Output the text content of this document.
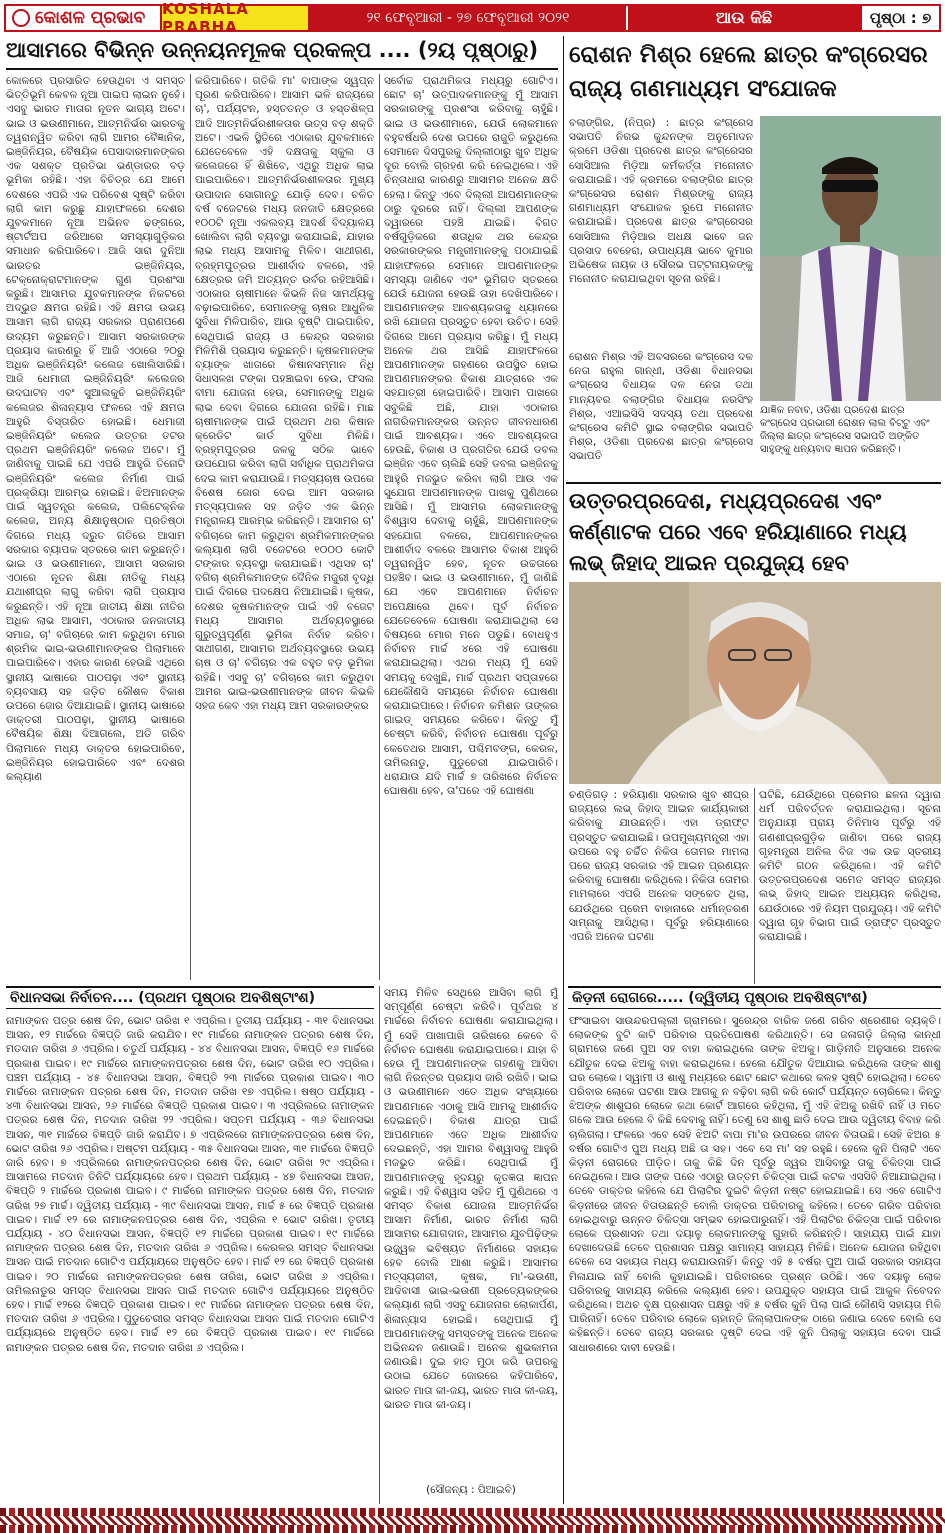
କୋଶଳ ପ୍ରଭାବ KOSHALA PRABHA	୨୧ ଫେବୃଆରୀ - ୨୭ ଫେବୃଆରୀ ୨୦୨୧	ଆଉ କିଛି	ପୃଷ୍ଠା : ୭
ଆସାମରେ ବିଭିନ୍ନ ଉନ୍ନୟନମୂଳକ ପ୍ରକଳ୍ପ .... (୨ୟ ପୃଷ୍ଠାରୁ)
କୋଳରେ ପ୍ରସାରିତ ହେଉଥିବା ଏ ସମସ୍ତ ଭିତ୍ତିଭୂମି କେବଳ ନୂଆ ପାଇପ ଲାଇନ ନୁହେଁ। ଏସବୁ ଭାରତ ମାତାର ନୂତନ ଭାଗ୍ୟ ଅଟେ। ଭାଇ ଓ ଭଉଣୀମାନେ, ଆତ୍ମନିର୍ଭର ଭାରତକୁ ତ୍ୱରାନ୍ୱିତ କରିବା ଲାଗି ଆମର ବୈଜ୍ଞାନିକ, ଇଞ୍ଜିନିୟର, ବୈଷୟିକ ପେସାଦାରମାନଙ୍କର ଏକ ସଶକ୍ତ ପ୍ରତିଭା ଭଣ୍ଡାରର ବଡ଼ ଭୂମିକା ରହିଛି। ଏହା ବିଚିତ୍ର ଯେ ଆମେ ଦେଶରେ ଏପରି ଏକ ପରିବେଶ ସୃଷ୍ଟି କରିବା ଲାଗି କାମ କରୁଛୁ ଯାହାଫଳରେ ଦେଶର ଯୁବକମାନେ ନୂଆ ଅଭିନବ ଢଙ୍ଗରେ, ଷ୍ଟାର୍ଟଅପ ଜରିଆରେ ସମସ୍ୟାଗୁଡ଼ିକର ସମାଧାନ କରିପାରିବେ। ଆଜି ସାରା ଦୁନିଆ ଭାରତର ଇଞ୍ଜିନିୟର, ଟେକ୍ନୋକ୍ରାଟମାନଙ୍କ ଗୁଣ ପ୍ରଶଂସା କରୁଛି। ଆସାମର ଯୁବକମାନଙ୍କ ନିକଟରେ ଅଦ୍ଭୁତ କ୍ଷମତା ରହିଛି। ଏହି କ୍ଷମତା ଉଭୟ ଆସାମ ଲାଗି ରାଜ୍ୟ ସରକାର ପ୍ରାଣପଣେ ଉଦ୍ୟମ କରୁଛନ୍ତି। ଆସାମ ସରକାରଙ୍କ ପ୍ରୟାସ କାରଣରୁ ହିଁ ଆଜି ଏଠାରେ ୨୦ରୁ ଅଧିକ ଇଞ୍ଜିନିୟରିଂ କଲେଜ ଖୋଲିସାରିଛି। ଆଜି ଧେମାଜୀ ଇଞ୍ଜିନିୟରିଂ କଲେଜର ଉଦଘାଟନ ଏବଂ ସୁଆଲକୁଚି ଇଞ୍ଜିନିୟରିଂ କଲେଜର ଶିଳାନ୍ୟାସ ଫଳରେ ଏହି କ୍ଷମତା ଆହୁରି ବିସ୍ତାରିତ ହୋଇଛି। ଧେମାଜୀ ଇଞ୍ଜିନିୟରିଂ କଲେଜ ଉତ୍ତର ତଟର ପ୍ରଥମ ଇଞ୍ଜିନିୟରିଂ କଲେଜ ଅଟେ। ମୁଁ ଜାଣିବାକୁ ପାଇଛି ଯେ ଏପରି ଆହୁରି ତିନୋଟି ଇଞ୍ଜିନିୟରିଂ କଲେଜ ନିର୍ମାଣ ପାଇଁ ପ୍ରକ୍ରିୟା ଆରମ୍ଭ ହୋଇଛି। ଝିଅମାନଙ୍କ ପାଇଁ ସ୍ୱତନ୍ତ୍ର କଲେଜ, ପଲିଟେକ୍ନିକ କଲେଜ, ଅନ୍ୟ ଶିକ୍ଷାନୁଷ୍ଠାନ ପ୍ରତିଷ୍ଠା ଦିଗରେ ମଧ୍ୟ ଦ୍ରୁତ ଗତିରେ ଆସାମ ସରକାର ବ୍ୟାପକ ସ୍ତରରେ କାମ କରୁଛନ୍ତି। ଭାଇ ଓ ଭଉଣୀମାନେ, ଆସାମ ସରକାର ଏଠାରେ ନୂତନ ଶିକ୍ଷା ନୀତିକୁ ମଧ୍ୟ ଯଥାଶୀଘ୍ର ଲାଗୁ କରିବା ଲାଗି ପ୍ରୟାସ କରୁଛନ୍ତି। ଏହି ନୂଆ ଜାତୀୟ ଶିକ୍ଷା ନୀତିର ଅଧିକ ଲାଭ ଆସାମ, ଏଠାକାର ଜନଜାତୀୟ ସମାଜ, ଚା' ବଗିଚାରେ କାମ କରୁଥିବା ମୋର ଶ୍ରମିକ ଭାଇ-ଭଉଣୀମାନଙ୍କର ପିଲାମାନେ ପାଇପାରିବେ। ଏହାର କାରଣ ହେଉଛି ଏଥିରେ ସ୍ଥାନୀୟ ଭାଷାରେ ପାଠପଢ଼ା ଏବଂ ସ୍ଥାନୀୟ ବ୍ୟବସାୟ ସହ ଜଡ଼ିତ କୌଶଳ ବିକାଶ ଉପରେ ଜୋର ଦିଆଯାଇଛି। ସ୍ଥାନୀୟ ଭାଷାରେ ଡାକ୍ତରୀ ପାଠପଢ଼ା, ସ୍ଥାନୀୟ ଭାଷାରେ ବୈଷୟିକ ଶିକ୍ଷା ଦିଆଗଲେ, ଅତି ଗରିବ ପିଲାମାନେ ମଧ୍ୟ ଡାକ୍ତର ହୋଇପାରିବେ, ଇଞ୍ଜିନିୟର ହୋଇପାରିବେ ଏବଂ ଦେଶର କଲ୍ୟାଣ
କରିପାରିବେ। ଗତିକି ମା' ବାପାଙ୍କ ସ୍ୱପ୍ନ ପୂରଣ କରିପାରିବେ। ଆସାମ ଭଳି ରାଜ୍ୟରେ ଚା', ପର୍ଯ୍ୟଟନ, ହସ୍ତତନ୍ତ ଓ ହସ୍ତଶିଳ୍ପ ଆଦି ଆତ୍ମନିର୍ଭରଶୀଳତାର ଉତ୍ସ ବଡ଼ ଶକ୍ତି ଅଟେ। ଏଭଳି ସ୍ଥିତିରେ ଏଠାକାର ଯୁବକମାନେ ଯେତେବେଳେ ଏହି ଦକ୍ଷତାକୁ ସ୍କୁଲ ଓ କଲେଜରେ ହିଁ ଶିଖିବେ, ଏଥିରୁ ଅଧିକ ଲାଭ ପାଇପାରିବେ। ଆତ୍ମନିର୍ଭରଶୀଳତାର ମୁଖ୍ୟ ଉପାଦାନ ସୋଗାନ୍ତୁ ଯୋଡ଼ି ଦେବ। ଚଳିତ ବର୍ଷ ବଜେଟରେ ମଧ୍ୟ ଜନଜାତି କ୍ଷେତ୍ରରେ ୧୦୦ଟି ନୂଆ ଏକଲବ୍ୟ ଆଦର୍ଶ ବିଦ୍ୟାଳୟ ଖୋଲିବା ଲାଗି ବ୍ୟବସ୍ଥା କରାଯାଇଛି, ଯାହାର ଲାଭ ମଧ୍ୟ ଆସାମକୁ ମିଳିବ। ସାଥୀଗଣ, ବ୍ରହ୍ମପୁତ୍ରର ଆଶୀର୍ବାଦ ବଳରେ, ଏହି କ୍ଷେତ୍ରର ଜମି ଅତ୍ୟନ୍ତ ଉର୍ବର ରହିଆସିଛି। ଏଠାକାର ଚାଷୀମାନେ କିଭଳି ନିଜ ସାମର୍ଥ୍ୟକୁ ବଢ଼ାଇପାରିବେ, ସେମାନଙ୍କୁ ଚାଷର ଆଧୁନିକ ସୁବିଧା ମିଳିପାରିବ, ଆଉ ବୃଷ୍ଟି ପାଇପାରିବ, ସେଥିପାଇଁ ରାଜ୍ୟ ଓ କେନ୍ଦ୍ର ସରକାର ମିଳିମିଶି ପ୍ରୟାସ କରୁଛନ୍ତି। କୃଷକମାନଙ୍କ ବ୍ୟାଙ୍କ ଖାତାରେ କିଷାନସମ୍ମାନ ନିଧି ସିଧାସଳଖ ଟଙ୍କା ପହଞ୍ଚାଇବା ହେଉ, ଫସଲ ବୀମା ଯୋଜନା ହେଉ, ସେମାନଙ୍କୁ ଅଧିକ ଲାଭ ଦେବା ଦିଗରେ ଯୋଜନା ରହିଛି। ମାଛ ଚାଷୀମାନଙ୍କ ପାଇଁ ପ୍ରଥମ ଥର କିଷାନ କ୍ରେଡିଟ କାର୍ଡ ସୁବିଧା ମିଳିଛି। ବ୍ରହ୍ମପୁତ୍ରର ଜଳକୁ ସଠିକ ଭାବେ ଉପଯୋଗ କରିବା ଲାଗି ସର୍ବାଧିକ ପ୍ରାଥମିକତା ଦେଇ କାମ କରାଯାଉଛି। ମତ୍ସ୍ୟଚାଷ ଉପରେ ବିଶେଷ ଜୋର ଦେଇ ଆମ ସରକାର ମତ୍ସ୍ୟପାଳନ ସହ ଜଡ଼ିତ ଏକ ଭିନ୍ନ ମନ୍ତ୍ରାଳୟ ଆରମ୍ଭ କରିଛନ୍ତି। ଆସାମର ଚା' ବଗିଚାରେ କାମ କରୁଥିବା ଶ୍ରମିକମାନଙ୍କର କଲ୍ୟାଣ ଲାଗି ବଜେଟରେ ୧୦୦୦ କୋଟି ଟଙ୍କାର ବ୍ୟବସ୍ଥା କରାଯାଇଛି। ଏଥିସହ ଚା' ବଗିଚା ଶ୍ରମିକମାନଙ୍କ ଦୈନିକ ମଜୁରୀ ବୃଦ୍ଧି ପାଇଁ ଦିଗରେ ପଦକ୍ଷେପ ନିଆଯାଇଛି। କୃଷକ, ଦେଶର କୃଷକମାନଙ୍କ ପାଇଁ ଏହି ବଜେଟ ମଧ୍ୟ ଆସାମର ଅର୍ଥବ୍ୟବସ୍ଥାରେ ଗୁରୁତ୍ୱପୂର୍ଣ୍ଣ ଭୂମିକା ନିର୍ବାହ କରିବ। ସାଥୀଗଣ, ଆସାମର ଅର୍ଥବ୍ୟବସ୍ଥାରେ ଉଭୟ ଚାଷ ଓ ଚା' ବଗିଚାର ଏକ ବହୁତ ବଡ଼ ଭୂମିକା ରହିଛି। ଏସବୁ ଚା' ବଗିଚାରେ କାମ କରୁଥିବା ଆମର ଭାଇ-ଭଉଣୀମାନଙ୍କ ଜୀବନ କିଭଳି ସହଜ କେବ ଏହା ମଧ୍ୟ ଆମ ସରକାରଙ୍କର
ସର୍ବୋଚ୍ଚ ପ୍ରାଥମିକତା ମଧ୍ୟରୁ ଗୋଟିଏ। ଛୋଟ ଚା' ଉତ୍ପାଦକମାନଙ୍କୁ ମୁଁ ଆସାମ ସରକାରଙ୍କୁ ପ୍ରଶଂସା କରିବାକୁ ଚାହୁଁଛି। ଭାଇ ଓ ଭଉଣୀମାନେ, ଯେଉଁ ଲୋକମାନେ ବହୁବର୍ଷଧରି ଦେଶ ଉପରେ ରାଜୁତି କରୁଥିଲେ ସେମାନେ ଦିସପୁରକୁ ଦିଲ୍ଲୀଠାରୁ ଖୁବ ଅଧିକ ଦୂର ବୋଲି ଗ୍ରହଣ କରି ନେଇଥିଲେ। ଏହି ଚିନ୍ତାଧାରା କାରଣରୁ ଆସାମର ଅନେକ କ୍ଷତି ହେଲା। କିନ୍ତୁ ଏବେ ଦିଲ୍ଲୀ ଆପଣମାନଙ୍କ ଠାରୁ ଦୂରରେ ନାହିଁ। ଦିଲ୍ଲୀ ଆପଣଙ୍କ ଦ୍ୱାରରେ ପହଞ୍ଚି ଯାଇଛି। ବିଗତ ବର୍ଷଗୁଡ଼ିକରେ ଶତାଧିକ ଥର କେନ୍ଦ୍ର ସରକାରଙ୍କର ମନ୍ତ୍ରୀମାନଙ୍କୁ ପଠାଯାଇଛି ଯାହାଫଳରେ ସେମାନେ ଆପଣମାନଙ୍କ ସମସ୍ୟା ଜାଣିବେ ଏବଂ ଭୂମିଗତ ସ୍ତରରେ ଯେଉଁ ଯୋଜନା ହେଉଛି ତାହା ଦେଖିପାରିବେ। ଆପଣମାନଙ୍କ ଆବଶ୍ୟକତାକୁ ଧ୍ୟାନରେ ରଖି ଯୋଜନା ପ୍ରସ୍ତୁତ ହେବା ଉଚିତ। ସେହି ଦିଗରେ ଆମେ ପ୍ରୟାସ କରିଛୁ। ମୁଁ ମଧ୍ୟ ଅନେକ ଥର ଆସିଛି ଯାହାଫଳରେ ଆପଣମାନଙ୍କ ଗହଣରେ ଉପସ୍ଥିତ ହୋଇ ଆପଣମାନଙ୍କର ବିକାଶ ଯାତ୍ରାରେ ଏକ ସହଯାତ୍ରୀ ହୋଇପାରିବି। ଆସାମ ପାଖରେ ସବୁକିଛି ଅଛି, ଯାହା ଏଠାକାର ନାଗରିକମାନଙ୍କର ଉନ୍ନତ ଜୀବନଧାରଣ ପାଇଁ ଆବଶ୍ୟକ। ଏବେ ଆବଶ୍ୟକତା ହେଉଛି, ବିକାଶ ଓ ପ୍ରଗତିର ଯେଉଁ ଡବଲ ଇଞ୍ଜିନ ଏବେ ଚାଲିଛି ସେହି ଡବଲ ଇଞ୍ଜିନକୁ ଆହୁରି ମଜଭୁତ କରିବା ଲାଗି ଆଉ ଏକ ସୁଯୋଗ ଆପଣମାନଙ୍କ ପାଖକୁ ପୁଣିଥରେ ଆସିଛି। ମୁଁ ଆସାମର ଲୋକମାନଙ୍କୁ ବିଶ୍ୱାସ ଦେବାକୁ ଚାହୁଁଛି, ଆପଣମାନଙ୍କ ସହଯୋଗ ବଳରେ, ଆପଣମାନଙ୍କର ଆଶୀର୍ବାଦ ବଳରେ ଆସାମର ବିକାଶ ଆହୁରି ତ୍ୱରାନ୍ୱିତ ହେବ, ନୂତନ ଉଚ୍ଚତାରେ ପହଞ୍ଚିବ। ଭାଇ ଓ ଭଉଣୀମାନେ, ମୁଁ ଜାଣିଛି ଯେ ଏବେ ଆପଣମାନେ ନିର୍ବାଚନ ଅପେକ୍ଷାରେ ଥିବେ। ପୂର୍ବ ନିର୍ବାଚନ ଯେତେବେଳେ ଘୋଷଣା କରାଯାଇଥିଲା ସେ ବିଷୟରେ ମୋର ମନେ ପଡୁଛି। ବୋଧହୁଏ ନିର୍ବାଚନ ମାର୍ଚ୍ଚ ୪ରେ ଏହି ଘୋଷଣା କରାଯାଇଥିଲା। ଏଥର ମଧ୍ୟ ମୁଁ ସେହି ସମୟକୁ ଦେଖୁଛି, ମାର୍ଚ୍ଚ ପ୍ରଥମ ସପ୍ତାହରେ ଯେକୌଣସି ସମୟରେ ନିର୍ବାଚନ ଘୋଷଣା କରାଯାଇପାରେ। ନିର୍ବାଚନ କମିଶନ ତାଙ୍କର ଗାଇଡ୍ ସମୟରେ କରିବେ। କିନ୍ତୁ ମୁଁ ଚେଷ୍ଟା କରିବି, ନିର୍ବାଚନ ଘୋଷଣା ପୂର୍ବରୁ କେତେଥର ଆସାମ, ପଶ୍ଚିମବଙ୍ଗ, କେରଳ, ତାମିଲନାଡୁ, ପୁଡୁଚେରୀ ଯାଇପାରିବି। ଧରାଯାଉ ଯଦି ମାର୍ଚ୍ଚ ୭ ତାରିଖରେ ନିର୍ବାଚନ ଘୋଷଣା ହେବ, ତା'ପରେ ଏହି ଘୋଷଣା
ରୋଶନ ମିଶ୍ର ହେଲେ ଛାତ୍ର କଂଗ୍ରେସର ରାଜ୍ୟ ଗଣମାଧ୍ୟମ ସଂଯୋଜକ
ବଲାଙ୍ଗିର, (ନିପ୍ର) : ଛାତ୍ର କଂଗ୍ରେସ ସଭାପତି ନିରଭ କୁନ୍ଦନଙ୍କ ଅନୁମୋଦନ କ୍ରମେ ଓଡିଶା ପ୍ରଦେଶ ଛାତ୍ର କଂଗ୍ରେସର ସୋସିଆଲ ମିଡ଼ିଆ କର୍ମକର୍ତ୍ତା ମନୋନୀତ କରାଯାଇଛି। ଏହି କ୍ରମରେ ବଲାଙ୍ଗିର ଛାତ୍ର କଂଗ୍ରେସର ରୋଶନ ମିଶ୍ରଙ୍କୁ ରାଜ୍ୟ ଗଣମାଧ୍ୟମ ସଂଯୋଜକ ରୂପେ ମନୋନୀତ କରାଯାଇଛି। ପ୍ରଦେଶ ଛାତ୍ର କଂଗ୍ରେସର ସୋସିଆଲ ମିଡ଼ିଆର ଅଧକ୍ଷ ଭାବେ ଜନ ପ୍ରସାଦ ବେହେରା, ଉପାଧ୍ୟକ୍ଷ ଭାବେ କୁମାର ଅଭିଷେକ ନାୟକ ଓ ସୌରଭ ପଟ୍ଟନାୟକଙ୍କୁ ମନୋନୀତ କରାଯାଇଥିବା ସୂଚନା ରହିଛି।
ରୋଶନ ମିଶ୍ର ଏହି ଅବସରରେ କଂଗ୍ରେସ ଦଳ ନେତା ରାହୁଲ ଗାନ୍ଧୀ, ଓଡିଶା ବିଧାନସଭା କଂଗ୍ରେସ ବିଧାୟକ ଦଳ ନେତା ତଥା ମାନ୍ୟବର ବଲାଙ୍ଗିର ବିଧାୟକ ନରସିଂହ ମିଶ୍ର, ଏଆଇସିସି ସଦସ୍ୟ ତଥା ପ୍ରଦେଶ କଂଗ୍ରେସ କମିଟି ସ୍ଥାଇ ବଲାଙ୍ଗିର ସଭାପତି ମିଶ୍ର, ଓଡିଶା ପ୍ରଦେଶ ଛାତ୍ର କଂଗ୍ରେସ ସଭାପତି
ଯାଜ୍ଞିକ ନବାବ, ଓଡିଶା ପ୍ରଦେଶ ଛାତ୍ର କଂଗ୍ରେସ ପ୍ରଭାରୀ ରୋଶନ ଲାଲ ବିଟ୍ଟୁ ଏବଂ ଜିଲ୍ଲା ଛାତ୍ର କଂଗ୍ରେସ ସଭାପତି ଅଙ୍କିତ ସାହୁଙ୍କୁ ଧନ୍ୟବାଦ ଜ୍ଞାପନ କରିଛନ୍ତି।
ଉତ୍ତରପ୍ରଦେଶ, ମଧ୍ୟପ୍ରଦେଶ ଏବଂ କର୍ଣ୍ଣାଟକ ପରେ ଏବେ ହରିୟାଣାରେ ମଧ୍ୟ ଲଭ୍ ଜିହାଦ୍ ଆଇନ ପ୍ରଯୁଜ୍ୟ ହେବ
ଚଣ୍ଡିଗଡ଼ : ହରିୟାଣା ସରକାର ଖୁବ ଶୀଘ୍ର ରାଜ୍ୟରେ ଲଭ୍ ଜିହାଦ୍ ଆଇନ କାର୍ଯ୍ୟକାରୀ କରିବାକୁ ଯାଉଛନ୍ତି। ଏହା ଡ୍ରାଫ୍ଟ ପ୍ରସ୍ତୁତ କରାଯାଇଛି। ଉପମୁଖ୍ୟମନ୍ତ୍ରୀ ଏହା ଉପରେ ବହୁ ଚର୍ଚ୍ଚିତ ନିକିତା ତୋମର ମାମଲା ପରେ ରାଜ୍ୟ ସରକାର ଏହି ଆଇନ ପ୍ରଣୟନ କରିବାକୁ ଘୋଷଣା କରିଥିଲେ। ନିକିତା ତୋମର ମାମଲାରେ ଏପରି ଅନେକ ସଙ୍କେତ ଥିଲା, ଯେଉଁଥିରେ ପ୍ରେମ ବାହାନାରେ ଧର୍ମାନ୍ତରଣ ସାମ୍ନାକୁ ଆସିଥିଲା। ପୂର୍ବରୁ ହରିୟାଣାରେ ଏପରି ଅନେକ ଘଟଣା
ଘଟିଛି, ଯେଉଁଥିରେ ପ୍ରେମର ଛଳନା ଦ୍ୱାରା ଧର୍ମ ପରିବର୍ତ୍ତନ କରାଯାଇଥିଲା। ସୂଚନା ଅନୁଯାୟୀ ପ୍ରାୟ ତିନିମାସ ପୂର୍ବରୁ ଏହି ଗଣଶୀଘ୍ରଗୁଡ଼ିକ ଜାଣିବା ପରେ ରାଜ୍ୟ ଗୃହମନ୍ତ୍ରୀ ଅନିଲ ବିଜ ଏକ ଉଚ୍ଚ ସ୍ତରୀୟ କମିଟି ଗଠନ କରିଥିଲେ। ଏହି କମିଟି ଉତ୍ତରପ୍ରଦେଶ ସମେତ ସମସ୍ତ ରାଜ୍ୟର ଲଭ୍ ଜିହାଦ୍ ଆଇନ ଅଧ୍ୟୟନ କରିଥିଲା, ଯେଉଁଠାରେ ଏହି ନିୟମ ପ୍ରଯୁଜ୍ୟ। ଏହି କମିଟି ଦ୍ୱାରା ଗୃହ ବିଭାଗ ପାଇଁ ଡ୍ରାଫ୍ଟ ପ୍ରସ୍ତୁତ କରାଯାଇଛି।
ବିଧାନସଭା ନିର୍ବାଚନ.... (ପ୍ରଥମ ପୃଷ୍ଠାର ଅବଶିଷ୍ଟାଂଶ)
ନାମାଙ୍କନ ପତ୍ର ଶେଷ ଦିନ, ଭୋଟ ତାରିଖ ୧ ଏପ୍ରିଲ। ତୃତୀୟ ପର୍ଯ୍ୟାୟ - ୩୧ ବିଧାନସଭା ଆସନ, ୧୨ ମାର୍ଚ୍ଚରେ ବିଜ୍ଞପ୍ତି ଜାରି କରାଯିବ। ୧୯ ମାର୍ଚ୍ଚରେ ନାମାଙ୍କନ ପତ୍ରର ଶେଷ ଦିନ, ମତଦାନ ତାରିଖ ୬ ଏପ୍ରିଲ। ଚତୁର୍ଥ ପର୍ଯ୍ୟାୟ - ୪୪ ବିଧାନସଭା ଆସନ, ବିଜ୍ଞପ୍ତି ୧୬ ମାର୍ଚ୍ଚରେ ପ୍ରକାଶ ପାଇବ। ୧୯ ମାର୍ଚ୍ଚରେ ନାମାଙ୍କନପତ୍ରର ଶେଷ ଦିନ, ଭୋଟ ତାରିଖ ୧୦ ଏପ୍ରିଲ। ପଞ୍ଚମ ପର୍ଯ୍ୟାୟ - ୪୫ ବିଧାନସଭା ଆସନ, ବିଜ୍ଞପ୍ତି ୨୩ ମାର୍ଚ୍ଚରେ ପ୍ରକାଶ ପାଇବ। ୩୦ ମାର୍ଚ୍ଚରେ ନାମାଙ୍କନ ପତ୍ରର ଶେଷ ଦିନ, ମତଦାନ ତାରିଖ ୧୭ ଏପ୍ରିଲ। ଷଷ୍ଠ ପର୍ଯ୍ୟାୟ - ୪୩ ବିଧାନସଭା ଆସନ, ୨୬ ମାର୍ଚ୍ଚରେ ବିଜ୍ଞପ୍ତି ପ୍ରକାଶ ପାଇବ। ୩ ଏପ୍ରିଲରେ ନାମାଙ୍କନ ପତ୍ରର ଶେଷ ଦିନ, ମତଦାନ ତାରିଖ ୨୨ ଏପ୍ରିଲ। ସପ୍ତମ ପର୍ଯ୍ୟାୟ - ୩୬ ବିଧାନସଭା ଆସନ, ୩୧ ମାର୍ଚ୍ଚରେ ବିଜ୍ଞପ୍ତି ଜାରି କରାଯିବ। ୭ ଏପ୍ରିଲରେ ନାମାଙ୍କନପତ୍ରର ଶେଷ ଦିନ, ଭୋଟ ତାରିଖ ୨୬ ଏପ୍ରିଲ। ଅଷ୍ଟମ ପର୍ଯ୍ୟାୟ - ୩୫ ବିଧାନସଭା ଆସନ, ୩୧ ମାର୍ଚ୍ଚରେ ବିଜ୍ଞପ୍ତି ଜାରି ହେବ। ୭ ଏପ୍ରିଲରେ ନାମାଙ୍କନପତ୍ରର ଶେଷ ଦିନ, ଭୋଟ ତାରିଖ ୨୯ ଏପ୍ରିଲ। ଆସାମରେ ମତଦାନ ତିନିଟି ପର୍ଯ୍ୟାୟରେ ହେବ। ପ୍ରଥମ ପର୍ଯ୍ୟାୟ - ୪୭ ବିଧାନସଭା ଆସନ, ବିଜ୍ଞପ୍ତି ୨ ମାର୍ଚ୍ଚରେ ପ୍ରକାଶ ପାଇବ। ୯ ମାର୍ଚ୍ଚରେ ନାମାଙ୍କନ ପତ୍ରର ଶେଷ ଦିନ, ମତଦାନ ତାରିଖ ୨୭ ମାର୍ଚ୍ଚ। ଦ୍ୱିତୀୟ ପର୍ଯ୍ୟାୟ - ୩୯ ବିଧାନସଭା ଆସନ, ମାର୍ଚ୍ଚ ୫ ରେ ବିଜ୍ଞପ୍ତି ପ୍ରକାଶ ପାଇବ। ମାର୍ଚ୍ଚ ୧୨ ରେ ନାମାଙ୍କନପତ୍ରର ଶେଷ ଦିନ, ଏପ୍ରିଲ ୧ ଭୋଟ ତାରିଖ। ତୃତୀୟ ପର୍ଯ୍ୟାୟ - ୪୦ ବିଧାନସଭା ଆସନ, ବିଜ୍ଞପ୍ତି ୧୨ ମାର୍ଚ୍ଚରେ ପ୍ରକାଶ ପାଇବ। ୧୯ ମାର୍ଚ୍ଚରେ ନାମାଙ୍କନ ପତ୍ରର ଶେଷ ଦିନ, ମତଦାନ ତାରିଖ ୬ ଏପ୍ରିଲ। କେରଳର ସମସ୍ତ ବିଧାନସଭା ଆସନ ପାଇଁ ମତଦାନ ଗୋଟିଏ ପର୍ଯ୍ୟାୟରେ ଅନୁଷ୍ଠିତ ହେବ। ମାର୍ଚ୍ଚ ୧୨ ରେ ବିଜ୍ଞପ୍ତି ପ୍ରକାଶ ପାଇବ। ୨୦ ମାର୍ଚ୍ଚରେ ନାମାଙ୍କନପତ୍ରର ଶେଷ ତାରିଖ, ଭୋଟ ତାରିଖ ୬ ଏପ୍ରିଲ। ତାମିଲନାଡୁର ସମସ୍ତ ବିଧାନସଭା ଆସନ ପାଇଁ ମତଦାନ ଗୋଟିଏ ପର୍ଯ୍ୟାୟରେ ଅନୁଷ୍ଠିତ ହେବ। ମାର୍ଚ୍ଚ ୧୨ରେ ବିଜ୍ଞପ୍ତି ପ୍ରକାଶ ପାଇବ। ୧୯ ମାର୍ଚ୍ଚରେ ନାମାଙ୍କନ ପତ୍ରର ଶେଷ ଦିନ, ମତଦାନ ତାରିଖ ୬ ଏପ୍ରିଲ। ପୁଡୁଚେରୀର ସମସ୍ତ ବିଧାନସଭା ଆସନ ପାଇଁ ମତଦାନ ଗୋଟିଏ ପର୍ଯ୍ୟାୟରେ ଅନୁଷ୍ଠିତ ହେବ। ମାର୍ଚ୍ଚ ୧୨ ରେ ବିଜ୍ଞପ୍ତି ପ୍ରକାଶ ପାଇବ। ୧୯ ମାର୍ଚ୍ଚରେ ନାମାଙ୍କନ ପତ୍ରର ଶେଷ ଦିନ, ମତଦାନ ତାରିଖ ୬ ଏପ୍ରିଲ।
ସମୟ ମିଳିବ ସେଥିରେ ଆସିବା ଲାଗି ମୁଁ ସମ୍ପୂର୍ଣ୍ଣ ଚେଷ୍ଟା କରିବି। ପୂର୍ବଥର ୪ ମାର୍ଚ୍ଚରେ ନିର୍ବାଚନ ଘୋଷଣା କରାଯାଇଥିଲା। ମୁଁ ସେହି ପାଖାପାଖି ତାରିଖରେ କେବେ ବି ନିର୍ବାଚନ ଘୋଷଣା କରାଯାଇପାରେ। ଯାହା ବି ହେଉ ମୁଁ ଆପଣମାନଙ୍କ ଗହଣକୁ ଆସିବା ଲାଗି ନିରନ୍ତର ପ୍ରୟାସ ଜାରି ରଖିବି। ଭାଇ ଓ ଭଉଣୀମାନେ ଏତେ ଅଧିକ ସଂଖ୍ୟାରେ ଆପଣମାନେ ଏଠାକୁ ଆସି ଆମକୁ ଆଶୀର୍ବାଦ ଦେଇଛନ୍ତି। ବିକାଶ ଯାତ୍ରା ପାଇଁ ଆପଣମାନେ ଏତେ ଅଧିକ ଆଶୀର୍ବାଦ ଦେଇଛନ୍ତି, ଏହା ଆମର ବିଶ୍ୱାସକୁ ଆହୁରି ମଜଭୁତ କରିଛି। ସେଥିପାଇଁ ମୁଁ ଆପଣମାନଙ୍କୁ ହୃଦୟରୁ କୃତଜ୍ଞତା ଜ୍ଞାପନ କରୁଛି। ଏହି ବିଶ୍ୱାସ ସହିତ ମୁଁ ପୁଣିଥରେ ଏ ସମସ୍ତ ବିକାଶ ଯୋଜନା ଆତ୍ମନିର୍ଭର ଆସାମ ନିର୍ମାଣ, ଭାରତ ନିର୍ମାଣ ଲାଗି ଆସାମର ଯୋଗଦାନ, ଆସାମର ଯୁବପିଢ଼ିଙ୍କ ଉଜ୍ଜ୍ୱଳ ଭବିଷ୍ୟତ ନିର୍ମାଣରେ ସହାୟକ ହେବ ବୋଲି ଆଶା କରୁଛି। ଆସାମର ମତ୍ସ୍ୟଜୀବୀ, କୃଷକ, ମା'-ଭଉଣୀ, ଆଦିବାସୀ ଭାଇ-ଭଉଣୀ ପ୍ରତ୍ୟେକଙ୍କର କଲ୍ୟାଣ ଲାଗି ଏସବୁ ଯୋଜନାର ଲୋକାର୍ପଣ, ଶିଳାନ୍ୟାସ ହୋଇଛି। ସେଥିପାଇଁ ମୁଁ ଆପଣମାନଙ୍କୁ ସମସ୍ତଙ୍କୁ ଅନେକ ଅନେକ ଅଭିନନ୍ଦନ ଜଣାଉଛି। ଅନେକ ଶୁଭକାମନା ଜଣାଉଛି। ଦୁଇ ହାତ ମୁଠା କରି ଉପରକୁ ଉଠାଇ ଯେତେ ଜୋରରେ କହିପାରିବେ, ଭାରତ ମାତା କୀ-ଜୟ, ଭାରତ ମାତା କୀ-ଜୟ, ଭାରତ ମାତା କୀ-ଜୟ।
(ସୌଜନ୍ୟ : ପିଆଇବି)
କିଡ଼ନୀ ରୋଗରେ..... (ଦ୍ୱିତୀୟ ପୃଷ୍ଠାର ଅବଶିଷ୍ଟାଂଶ)
ଫଂସାଇବା ସାଉନ୍ଦରପଲ୍ଲୀ ଗ୍ରାମରେ। ସୁରେନ୍ଦ୍ର ବାରିକ ଜଣେ ଗରିବ ଶ୍ରେଣୀର ବ୍ୟକ୍ତି। ଲୋକଙ୍କ ବୁଟି କାଟି ପରିବାର ପ୍ରତିପୋଷଣ କରିଥାନ୍ତି। ସେ ଜଳାଗଡ଼ି ଜିଲ୍ଲା କାନ୍ଧୀ ଗ୍ରାମରେ ଜଣେ ପୁଅ ସହ ବାହା କରାଇଥିଲେ ତାଙ୍କ ଝିଅକୁ। ଗାଡ଼ିନୀତି ଅନୁସାରେ ଅନେକ ଯୌତୁକ ଦେଇ ଝିଅକୁ ବାହା କରାଇଥିଲେ। ହେଲେ ଯୌତୁକ ଦିଆଯାଇ କରିଥିଲେ ତାଙ୍କ ଶାଶୁ ଘର ଲୋକେ। ସ୍ୱାମୀ ଓ ଶାଶୁ ମଧ୍ୟରେ ଛୋଟ ଛୋଟ କଥାରେ କଳହ ସୃଷ୍ଟି ହୋଇଥିଲା। ତେବେ ପରିବାର ଲୋକେ ଘଟଣା ଆଉ ଆଗକୁ ନ ବଢ଼ିବା ଲାଗି କରି କୋର୍ଟ ପର୍ଯ୍ୟନ୍ତ ଚୋରିଲେ। କିନ୍ତୁ ଝିଅଙ୍କ ଶାଶୁଘର ଲୋକେ କଥା କୋର୍ଟ ଆଗରେ କହିଥିଲା, ମୁଁ ଏହି ଝିଅକୁ ରଖିବି ନାହିଁ ଓ ମତେ ଗଲେ ଆଉ ହେଲେ ବି କିଛି ଦେବାକୁ ନାହିଁ। ତେଣୁ ସେ ଶାଶୁ ଛାଡି ଦେଇ ଆଉ ଦ୍ୱିତୀୟ ବିବାହ କରି ଚାଲିଗଲା। ଫଳରେ ଏବେ ସେହି ଝିଅଟି ବାପା ମା'ର ଉପରରେ ଜୀବନ ବିତାଉଛି। ସେହି ଝିଅର ୫ ବର୍ଷର ଗୋଟିଏ ପୁଅ ମଧ୍ୟ ଅଛି ତା ସହ। ଏବେ ସେ ମା' ସହ ରହୁଛି। ହେଲେ କୁନି ପିଲାଟି ଏବେ କିଡ଼ନୀ ରୋଗରେ ପୀଡ଼ିତ। ତାକୁ କିଛି ଦିନ ପୂର୍ବରୁ ଜ୍ୱର ଆସିବାରୁ ତାକୁ ଚିକିତ୍ସା ପାଇଁ ନେଇଥିଲେ। ଆଉ ତାଙ୍କ ପରେ ଏଠାରୁ ଉତ୍ତମ ଚିକିତ୍ସା ପାଇଁ କଟକ ଏସସିବି ନିଆଯାଇଥିଲା। ତେବେ ଡାକ୍ତର କହିଲେ ଯେ ପିଲାଟିର ଦୁଇଟି କିଡ଼ନୀ ନଷ୍ଟ ହୋଇଯାଇଛି। ସେ ଏବେ ଗୋଟିଏ କିଡ଼ନୀରେ ଜୀବନ ବିତାଉଛନ୍ତି ବୋଲି ଡାକ୍ତର ପରିବାରକୁ କହିଲେ। ତେବେ ଗରିବ ପରିବାର ହୋଇଥିବାରୁ ଉନ୍ନତ ଚିକିତ୍ସା ସମ୍ଭବ ହୋଇପାରୁନାହିଁ। ଏହି ପିଲାଟିର ଚିକିତ୍ସା ପାଇଁ ପରିବାର ଲୋକେ ପ୍ରଶାସନ ତଥା ଦୟାଳୁ ଲୋକମାନଙ୍କୁ ଗୁହାରି କରିଛନ୍ତି। ସାହାଯ୍ୟ ପାଇଁ ଯାହା ଦେଖାଦେଉଛି ତେବେ ପ୍ରଶାସନ ପକ୍ଷରୁ ସାମାନ୍ୟ ସାହାଯ୍ୟ ମିଳିଛି। ଅନେକ ଯୋଜନା ରହିଥିବା ବେଳେ ସେ ସହାୟତା ମଧ୍ୟ କରାଯାଉନାହିଁ। କିନ୍ତୁ ଏହି ୫ ବର୍ଷର ପୁଅ ପାଇଁ ସରକାର ସହାୟତା ମିଳାଯାଇ ନାହିଁ ବୋଲି କୁହାଯାଇଛି। ପରିବାରରେ ପ୍ରଶ୍ନ ଉଠିଛି। ଏବେ ଦୟାଳୁ ଲୋକ ପରିବାରକୁ ସାହାଯ୍ୟ କରିଲେ କଲ୍ୟାଣ ହେବ। ଉପଯୁକ୍ତ ସହାୟତା ପାଇଁ ଆକୁଳ ନିବେଦନ କରିଥିଲେ। ଅଥଚ ବୃକ୍ଷ ପ୍ରଶାସନ ପକ୍ଷରୁ ଏହି ୫ ବର୍ଷର କୁନି ପିଲା ପାଇଁ କୌଣସି ସହାୟତା ମିଳି ପାରିନାହିଁ। ତେବେ ପରିବାର ଲୋକେ ଚାହାନ୍ତି ଜିଲ୍ଲାପାଳଙ୍କ ଠାରେ ଜଣାଇ ଦେବେ ବୋଲି ସେ କହିଛନ୍ତି। ତେବେ ରାଜ୍ୟ ସରକାର ଦୃଷ୍ଟି ଦେଇ ଏହି କୁନି ପିଲାକୁ ସହାୟତା ଦେବା ପାଇଁ ସାଧାରଣରେ ଦାବୀ ହେଉଛି।
